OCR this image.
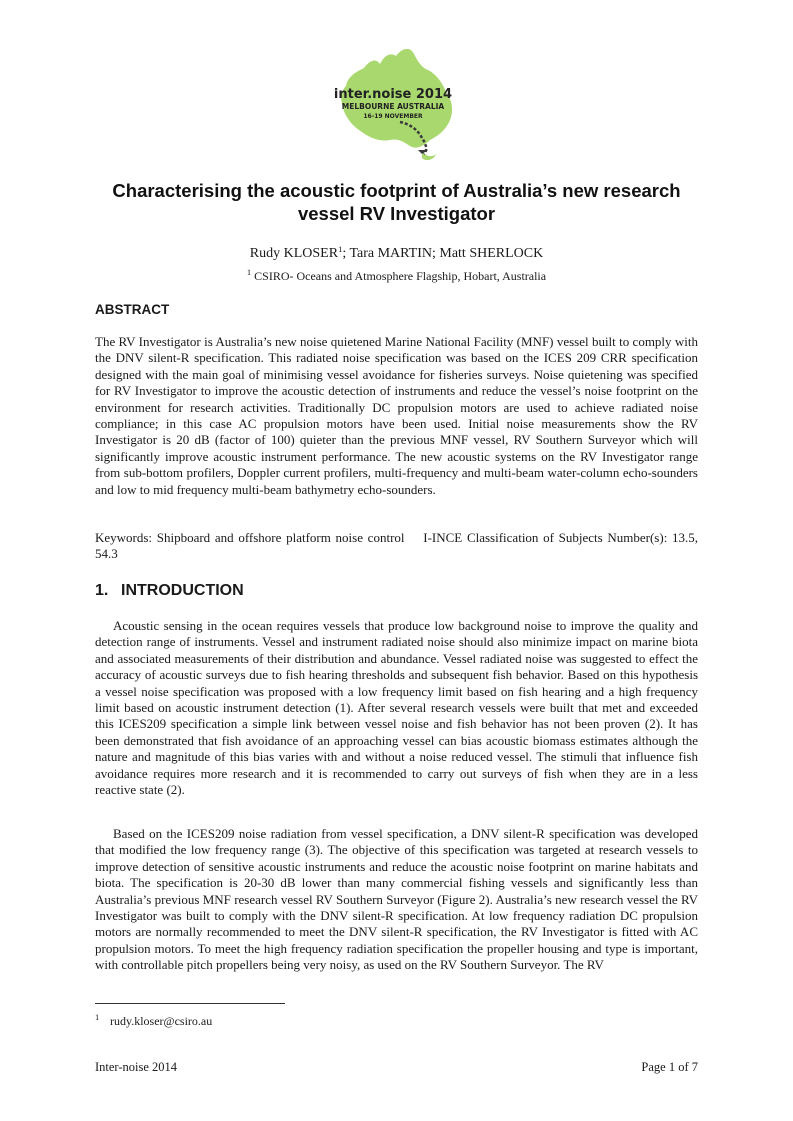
inter.noise 2014
MELBOURNE AUSTRALIA
16-19 NOVEMBER
Characterising the acoustic footprint of Australia’s new research vessel RV Investigator
Rudy KLOSER$^1$; Tara MARTIN; Matt SHERLOCK
$^1$ CSIRO- Oceans and Atmosphere Flagship, Hobart, Australia
ABSTRACT
The RV Investigator is Australia’s new noise quietened Marine National Facility (MNF) vessel built to comply with the DNV silent-R specification. This radiated noise specification was based on the ICES 209 CRR specification designed with the main goal of minimising vessel avoidance for fisheries surveys. Noise quietening was specified for RV Investigator to improve the acoustic detection of instruments and reduce the vessel’s noise footprint on the environment for research activities. Traditionally DC propulsion motors are used to achieve radiated noise compliance; in this case AC propulsion motors have been used. Initial noise measurements show the RV Investigator is 20 dB (factor of 100) quieter than the previous MNF vessel, RV Southern Surveyor which will significantly improve acoustic instrument performance. The new acoustic systems on the RV Investigator range from sub-bottom profilers, Doppler current profilers, multi-frequency and multi-beam water-column echo-sounders and low to mid frequency multi-beam bathymetry echo-sounders.
Keywords: Shipboard and offshore platform noise control    I-INCE Classification of Subjects Number(s): 13.5, 54.3
1. INTRODUCTION
Acoustic sensing in the ocean requires vessels that produce low background noise to improve the quality and detection range of instruments. Vessel and instrument radiated noise should also minimize impact on marine biota and associated measurements of their distribution and abundance. Vessel radiated noise was suggested to effect the accuracy of acoustic surveys due to fish hearing thresholds and subsequent fish behavior. Based on this hypothesis a vessel noise specification was proposed with a low frequency limit based on fish hearing and a high frequency limit based on acoustic instrument detection (1). After several research vessels were built that met and exceeded this ICES209 specification a simple link between vessel noise and fish behavior has not been proven (2). It has been demonstrated that fish avoidance of an approaching vessel can bias acoustic biomass estimates although the nature and magnitude of this bias varies with and without a noise reduced vessel. The stimuli that influence fish avoidance requires more research and it is recommended to carry out surveys of fish when they are in a less reactive state (2).
Based on the ICES209 noise radiation from vessel specification, a DNV silent-R specification was developed that modified the low frequency range (3). The objective of this specification was targeted at research vessels to improve detection of sensitive acoustic instruments and reduce the acoustic noise footprint on marine habitats and biota. The specification is 20-30 dB lower than many commercial fishing vessels and significantly less than Australia’s previous MNF research vessel RV Southern Surveyor (Figure 2). Australia’s new research vessel the RV Investigator was built to comply with the DNV silent-R specification. At low frequency radiation DC propulsion motors are normally recommended to meet the DNV silent-R specification, the RV Investigator is fitted with AC propulsion motors. To meet the high frequency radiation specification the propeller housing and type is important, with controllable pitch propellers being very noisy, as used on the RV Southern Surveyor. The RV
$^1$ rudy.kloser@csiro.au
Inter-noise 2014	Page 1 of 7
